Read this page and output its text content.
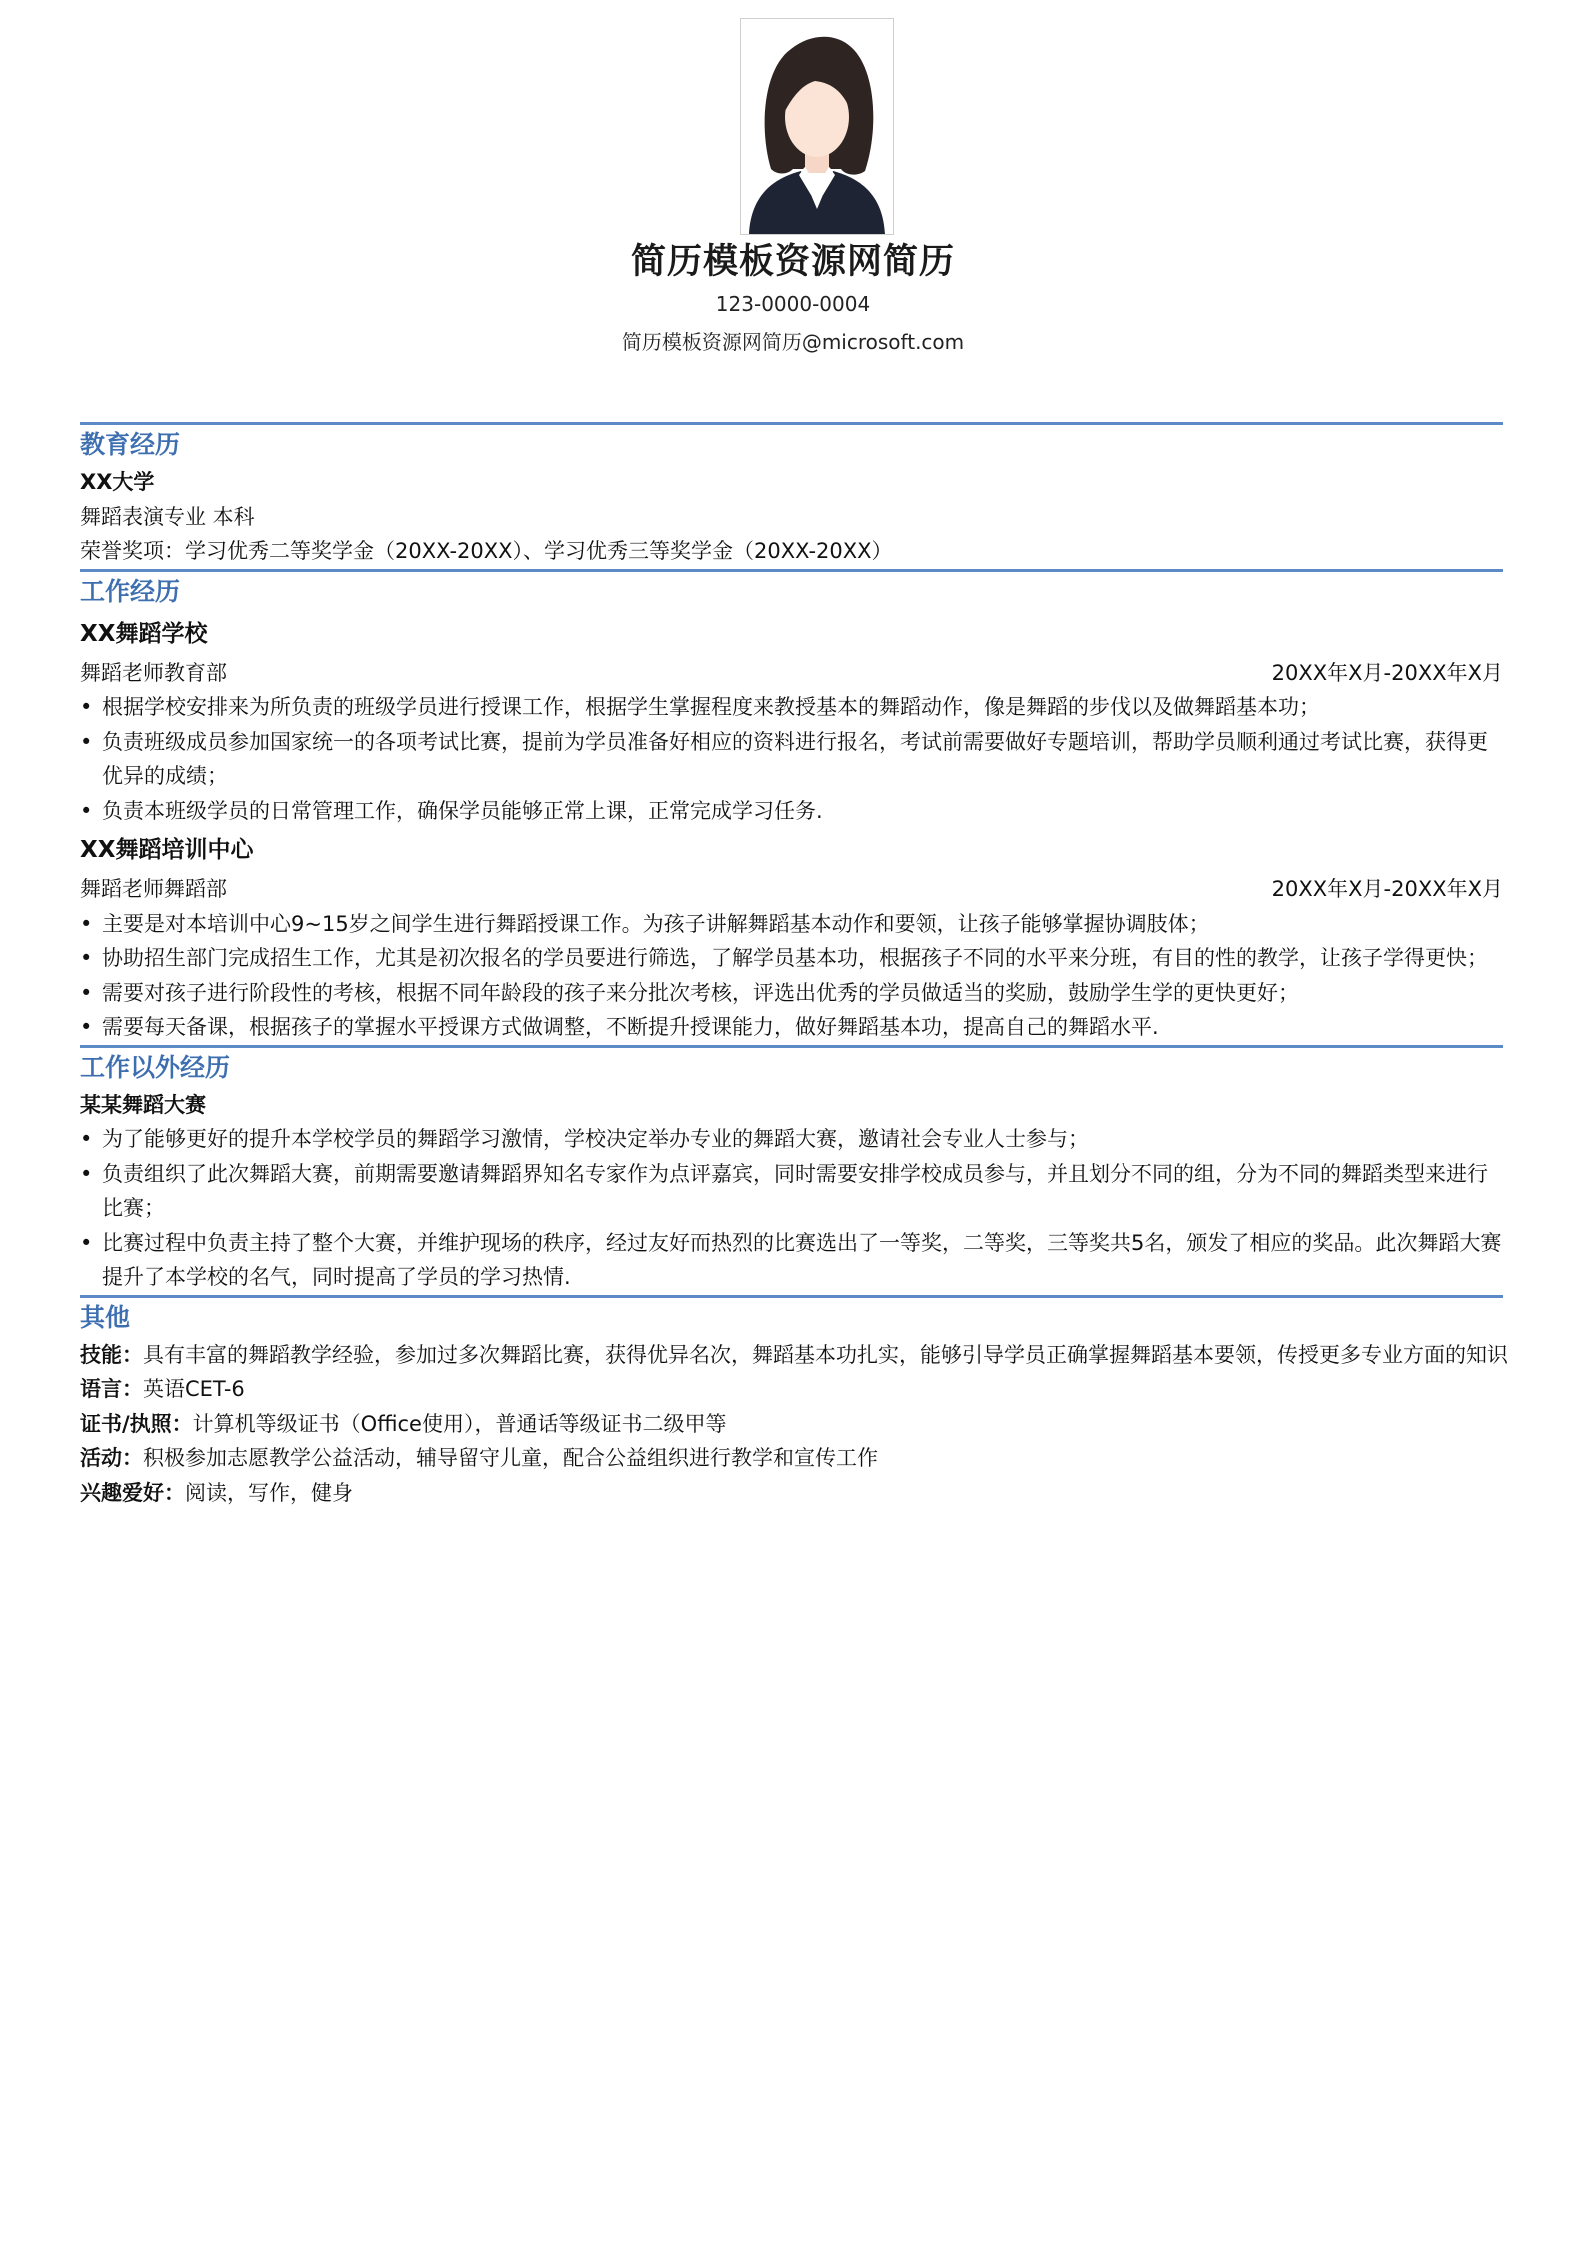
简历模板资源网简历
123-0000-0004
简历模板资源网简历@microsoft.com
教育经历
XX大学
舞蹈表演专业 本科
荣誉奖项：学习优秀二等奖学金（20XX-20XX）、学习优秀三等奖学金（20XX-20XX）
工作经历
XX舞蹈学校
舞蹈老师教育部	20XX年X月-20XX年X月
• 根据学校安排来为所负责的班级学员进行授课工作，根据学生掌握程度来教授基本的舞蹈动作，像是舞蹈的步伐以及做舞蹈基本功；
• 负责班级成员参加国家统一的各项考试比赛，提前为学员准备好相应的资料进行报名，考试前需要做好专题培训，帮助学员顺利通过考试比赛，获得更优异的成绩；
• 负责本班级学员的日常管理工作，确保学员能够正常上课，正常完成学习任务.
XX舞蹈培训中心
舞蹈老师舞蹈部	20XX年X月-20XX年X月
• 主要是对本培训中心9~15岁之间学生进行舞蹈授课工作。为孩子讲解舞蹈基本动作和要领，让孩子能够掌握协调肢体；
• 协助招生部门完成招生工作，尤其是初次报名的学员要进行筛选，了解学员基本功，根据孩子不同的水平来分班，有目的性的教学，让孩子学得更快；
• 需要对孩子进行阶段性的考核，根据不同年龄段的孩子来分批次考核，评选出优秀的学员做适当的奖励，鼓励学生学的更快更好；
• 需要每天备课，根据孩子的掌握水平授课方式做调整，不断提升授课能力，做好舞蹈基本功，提高自己的舞蹈水平.
工作以外经历
某某舞蹈大赛
• 为了能够更好的提升本学校学员的舞蹈学习激情，学校决定举办专业的舞蹈大赛，邀请社会专业人士参与；
• 负责组织了此次舞蹈大赛，前期需要邀请舞蹈界知名专家作为点评嘉宾，同时需要安排学校成员参与，并且划分不同的组，分为不同的舞蹈类型来进行比赛；
• 比赛过程中负责主持了整个大赛，并维护现场的秩序，经过友好而热烈的比赛选出了一等奖，二等奖，三等奖共5名，颁发了相应的奖品。此次舞蹈大赛提升了本学校的名气，同时提高了学员的学习热情.
其他
技能：具有丰富的舞蹈教学经验，参加过多次舞蹈比赛，获得优异名次，舞蹈基本功扎实，能够引导学员正确掌握舞蹈基本要领，传授更多专业方面的知识
语言：英语CET-6
证书/执照：计算机等级证书（Office使用），普通话等级证书二级甲等
活动：积极参加志愿教学公益活动，辅导留守儿童，配合公益组织进行教学和宣传工作
兴趣爱好：阅读，写作，健身
